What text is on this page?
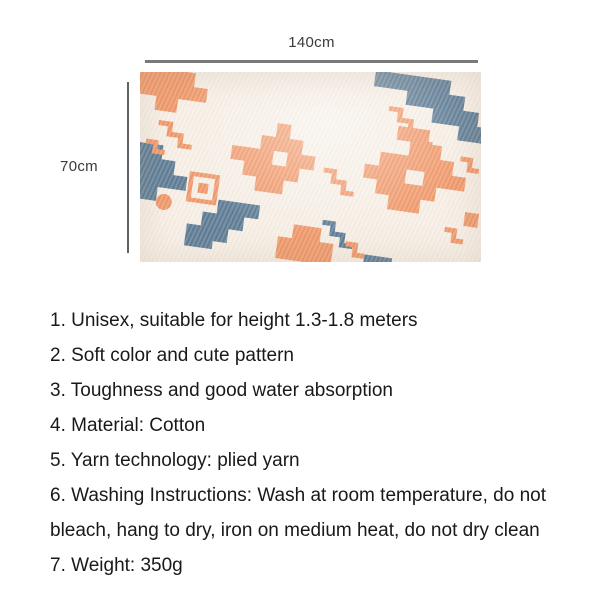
140cm
70cm
1. Unisex, suitable for height 1.3-1.8 meters
2. Soft color and cute pattern
3. Toughness and good water absorption
4. Material: Cotton
5. Yarn technology: plied yarn
6. Washing Instructions: Wash at room temperature, do not bleach, hang to dry, iron on medium heat, do not dry clean
7. Weight: 350g
